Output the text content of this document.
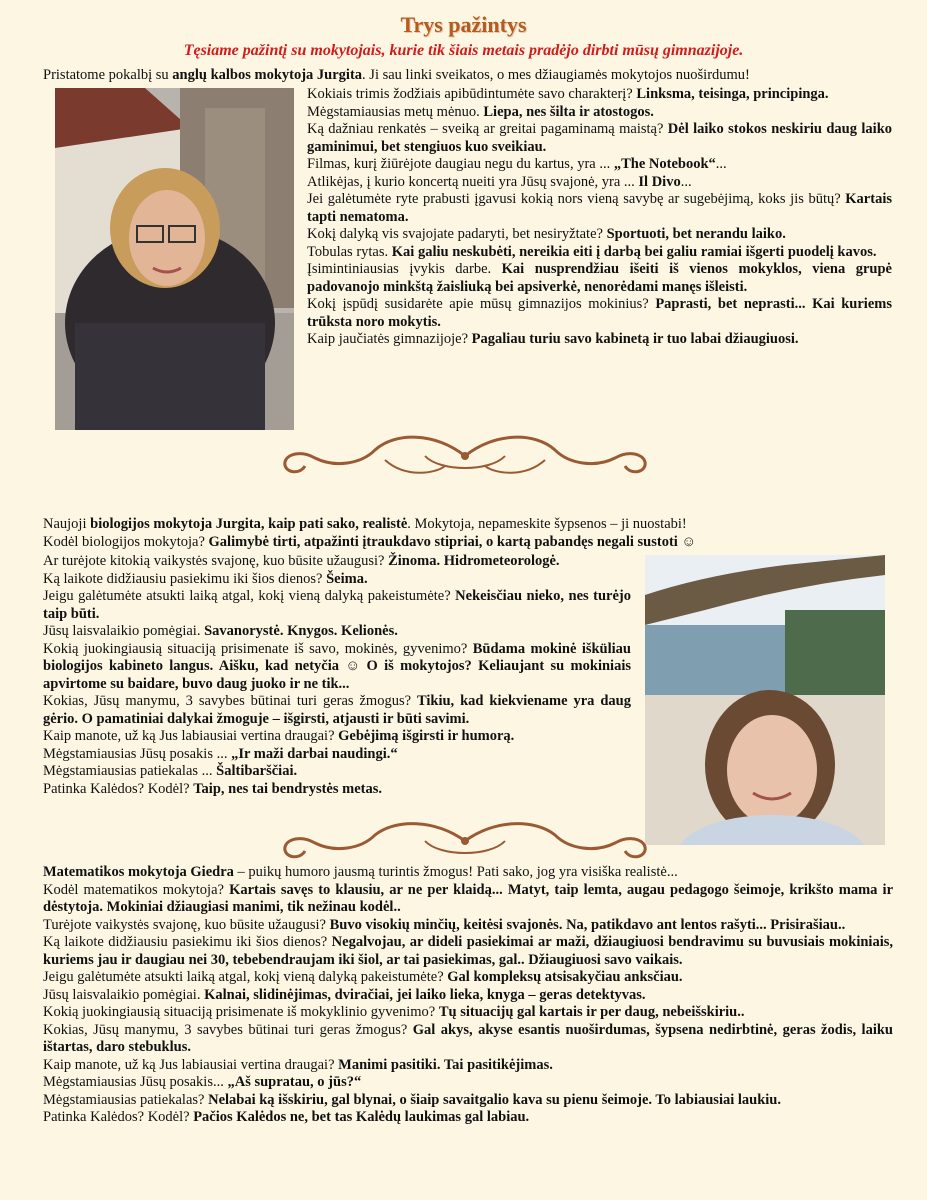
Trys pažintys
Tęsiame pažintį su mokytojais, kurie tik šiais metais pradėjo dirbti mūsų gimnazijoje.
Pristatome pokalbį su anglų kalbos mokytoja Jurgita. Ji sau linki sveikatos, o mes džiaugiamės mokytojos nuoširdumu!

Kokiais trimis žodžiais apibūdintumėte savo charakterį? Linksma, teisinga, principinga.

Mėgstamiausias metų mėnuo. Liepa, nes šilta ir atostogos.

Ką dažniau renkatės – sveiką ar greitai pagaminamą maistą? Dėl laiko stokos neskiriu daug laiko gaminimui, bet stengiuos kuo sveikiau.

Filmas, kurį žiūrėjote daugiau negu du kartus, yra ... „The Notebook“...

Atlikėjas, į kurio koncertą nueiti yra Jūsų svajonė, yra ... Il Divo...

Jei galėtumėte ryte prabusti įgavusi kokią nors vieną savybę ar sugebėjimą, koks jis būtų? Kartais tapti nematoma.

Kokį dalyką vis svajojate padaryti, bet nesiryžtate? Sportuoti, bet nerandu laiko.

Tobulas rytas. Kai galiu neskubėti, nereikia eiti į darbą bei galiu ramiai išgerti puodelį kavos.

Įsimintiniausias įvykis darbe. Kai nusprendžiau išeiti iš vienos mokyklos, viena grupė padovanojo minkštą žaisliuką bei apsiverkė, nenorėdami manęs išleisti.

Kokį įspūdį susidarėte apie mūsų gimnazijos mokinius? Paprasti, bet neprasti... Kai kuriems trūksta noro mokytis.

Kaip jaučiatės gimnazijoje? Pagaliau turiu savo kabinetą ir tuo labai džiaugiuosi.

Naujoji biologijos mokytoja Jurgita, kaip pati sako, realistė. Mokytoja, nepameskite šypsenos – ji nuostabi!

Kodėl biologijos mokytoja? Galimybė tirti, atpažinti įtraukdavo stipriai, o kartą pabandęs negali sustoti ☺

Ar turėjote kitokią vaikystės svajonę, kuo būsite užaugusi? Žinoma. Hidrometeorologė.

Ką laikote didžiausiu pasiekimu iki šios dienos? Šeima.

Jeigu galėtumėte atsukti laiką atgal, kokį vieną dalyką pakeistumėte? Nekeisčiau nieko, nes turėjo taip būti.

Jūsų laisvalaikio pomėgiai. Savanorystė. Knygos. Kelionės.

Kokią juokingiausią situaciją prisimenate iš savo, mokinės, gyvenimo? Būdama mokinė išküliau biologijos kabineto langus. Aišku, kad netyčia ☺ O iš mokytojos? Keliaujant su mokiniais apvirtome su baidare, buvo daug juoko ir ne tik...

Kokias, Jūsų manymu, 3 savybes būtinai turi geras žmogus? Tikiu, kad kiekviename yra daug gėrio. O pamatiniai dalykai žmoguje – išgirsti, atjausti ir būti savimi.

Kaip manote, už ką Jus labiausiai vertina draugai? Gebėjimą išgirsti ir humorą.

Mėgstamiausias Jūsų posakis ... „Ir maži darbai naudingi.“

Mėgstamiausias patiekalas ... Šaltibarščiai.

Patinka Kalėdos? Kodėl? Taip, nes tai bendrystės metas.

Matematikos mokytoja Giedra – puikų humoro jausmą turintis žmogus! Pati sako, jog yra visiška realistė...

Kodėl matematikos mokytoja? Kartais savęs to klausiu, ar ne per klaidą... Matyt, taip lemta, augau pedagogo šeimoje, krikšto mama ir dėstytoja. Mokiniai džiaugiasi manimi, tik nežinau kodėl..

Turėjote vaikystės svajonę, kuo būsite užaugusi? Buvo visokių minčių, keitėsi svajonės. Na, patikdavo ant lentos rašyti... Prisirašiau..

Ką laikote didžiausiu pasiekimu iki šios dienos? Negalvojau, ar dideli pasiekimai ar maži, džiaugiuosi bendravimu su buvusiais mokiniais, kuriems jau ir daugiau nei 30, tebebendraujam iki šiol, ar tai pasiekimas, gal.. Džiaugiuosi savo vaikais.

Jeigu galėtumėte atsukti laiką atgal, kokį vieną dalyką pakeistumėte? Gal kompleksų atsisakyčiau anksčiau.

Jūsų laisvalaikio pomėgiai. Kalnai, slidinėjimas, dviračiai, jei laiko lieka, knyga – geras detektyvas.

Kokią juokingiausią situaciją prisimenate iš mokyklinio gyvenimo? Tų situacijų gal kartais ir per daug, nebeišskiriu..

Kokias, Jūsų manymu, 3 savybes būtinai turi geras žmogus? Gal akys, akyse esantis nuoširdumas, šypsena nedirbtinė, geras žodis, laiku ištartas, daro stebuklus.

Kaip manote, už ką Jus labiausiai vertina draugai? Manimi pasitiki. Tai pasitikėjimas.

Mėgstamiausias Jūsų posakis... „Aš supratau, o jūs?“

Mėgstamiausias patiekalas? Nelabai ką išskiriu, gal blynai, o šiaip savaitgalio kava su pienu šeimoje. To labiausiai laukiu.

Patinka Kalėdos? Kodėl? Pačios Kalėdos ne, bet tas Kalėdų laukimas gal labiau.
